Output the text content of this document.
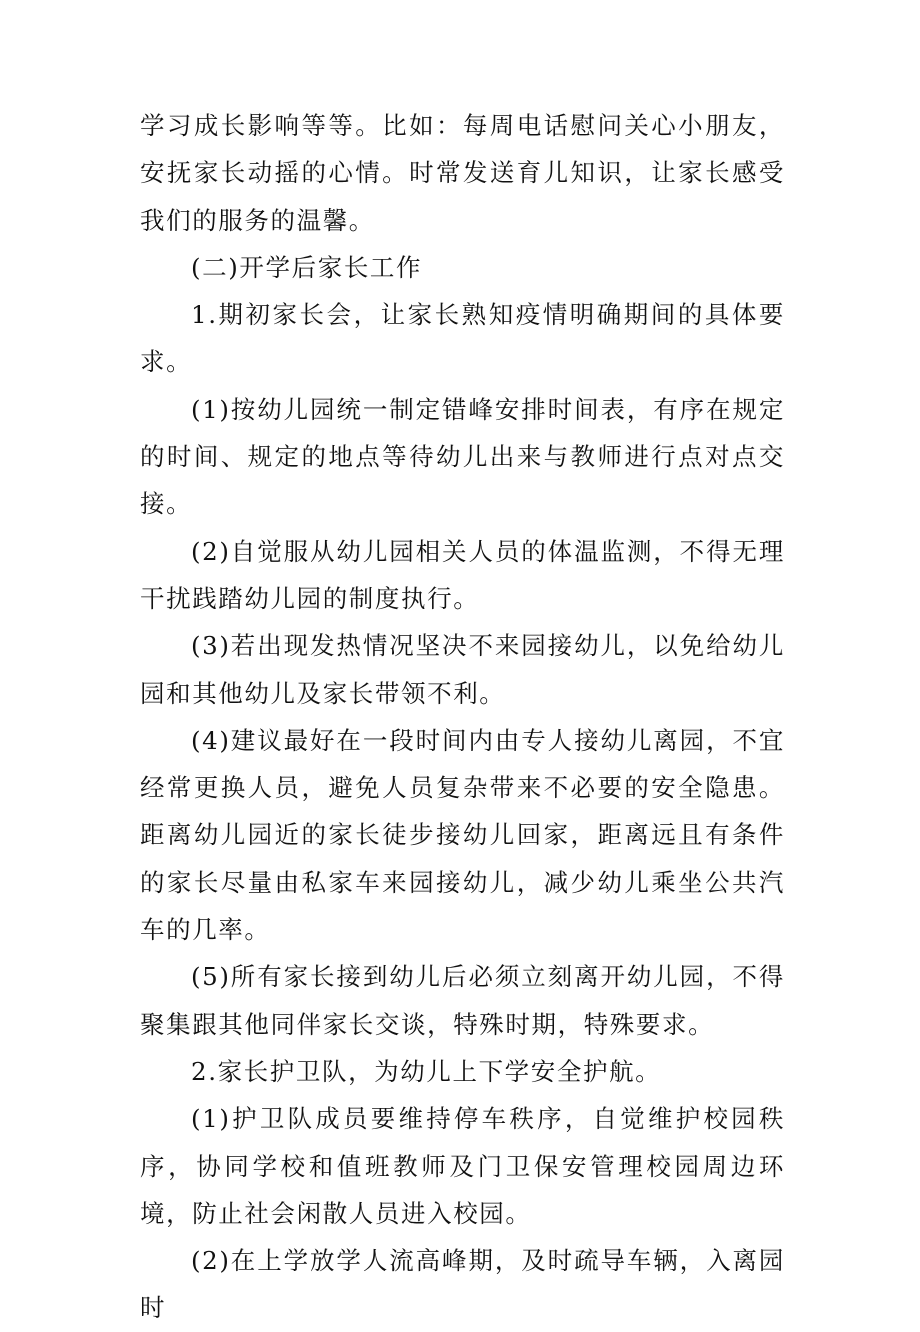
学习成长影响等等。比如：每周电话慰问关心小朋友，安抚家长动摇的心情。时常发送育儿知识，让家长感受我们的服务的温馨。

(二)开学后家长工作

1.期初家长会，让家长熟知疫情明确期间的具体要求。

(1)按幼儿园统一制定错峰安排时间表，有序在规定的时间、规定的地点等待幼儿出来与教师进行点对点交接。

(2)自觉服从幼儿园相关人员的体温监测，不得无理干扰践踏幼儿园的制度执行。

(3)若出现发热情况坚决不来园接幼儿，以免给幼儿园和其他幼儿及家长带领不利。

(4)建议最好在一段时间内由专人接幼儿离园，不宜经常更换人员，避免人员复杂带来不必要的安全隐患。距离幼儿园近的家长徒步接幼儿回家，距离远且有条件的家长尽量由私家车来园接幼儿，减少幼儿乘坐公共汽车的几率。

(5)所有家长接到幼儿后必须立刻离开幼儿园，不得聚集跟其他同伴家长交谈，特殊时期，特殊要求。

2.家长护卫队，为幼儿上下学安全护航。

(1)护卫队成员要维持停车秩序，自觉维护校园秩序，协同学校和值班教师及门卫保安管理校园周边环境，防止社会闲散人员进入校园。

(2)在上学放学人流高峰期，及时疏导车辆，入离园时
